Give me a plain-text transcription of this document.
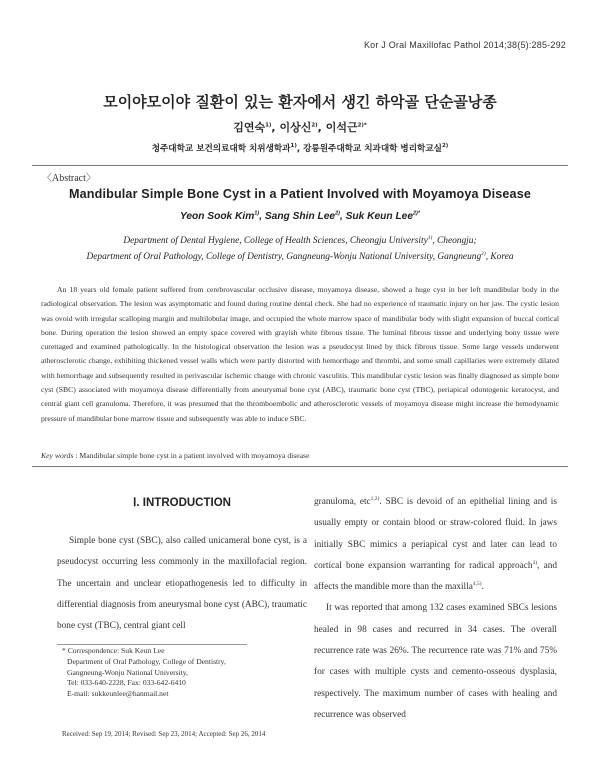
Kor J Oral Maxillofac Pathol 2014;38(5):285-292
모이야모이야 질환이 있는 환자에서 생긴 하악골 단순골낭종
김연숙$^{1)}$, 이상신$^{2)}$, 이석근$^{2)*}$
청주대학교 보건의료대학 치위생학과$^{1)}$, 강릉원주대학교 치과대학 병리학교실$^{2)}$
〈Abstract〉
Mandibular Simple Bone Cyst in a Patient Involved with Moyamoya Disease
Yeon Sook Kim$^{1)}$, Sang Shin Lee$^{2)}$, Suk Keun Lee$^{2)*}$
Department of Dental Hygiene, College of Health Sciences, Cheongju University$^{1)}$, Cheongju;
Department of Oral Pathology, College of Dentistry, Gangneung-Wonju National University, Gangneung$^{2)}$, Korea

An 18 years old female patient suffered from cerebrovascular occlusive disease, moyamoya disease, showed a huge cyst in her left mandibular body in the radiological observation. The lesion was asymptomatic and found during routine dental check. She had no experience of traumatic injury on her jaw. The cystic lesion was ovoid with irregular scalloping margin and multilobular image, and occupied the whole marrow space of mandibular body with slight expansion of buccal cortical bone. During operation the lesion showed an empty space covered with grayish white fibrous tissue. The luminal fibrous tissue and underlying bony tissue were curettaged and examined pathologically. In the histological observation the lesion was a pseudocyst lined by thick fibrous tissue. Some large vessels underwent atherosclerotic change, exhibiting thickened vessel walls which were partly distorted with hemorrhage and thrombi, and some small capillaries were extremely dilated with hemorrhage and subsequently resulted in perivascular ischemic change with chronic vasculitis. This mandibular cystic lesion was finally diagnosed as simple bone cyst (SBC) associated with moyamoya disease differentially from aneurysmal bone cyst (ABC), traumatic bone cyst (TBC), periapical odontogenic keratocyst, and central giant cell granuloma. Therefore, it was presumed that the thromboembolic and atherosclerotic vessels of moyamoya disease might increase the hemodynamic pressure of mandibular bone marrow tissue and subsequently was able to induce SBC.

Key words : Mandibular simple bone cyst in a patient involved with moyamoya disease
Ⅰ. INTRODUCTION

Simple bone cyst (SBC), also called unicameral bone cyst, is a pseudocyst occurring less commonly in the maxillofacial region. The uncertain and unclear etiopathogenesis led to difficulty in differential diagnosis from aneurysmal bone cyst (ABC), traumatic bone cyst (TBC), central giant cell

granuloma, etc$^{1,2)}$. SBC is devoid of an epithelial lining and is usually empty or contain blood or straw-colored fluid. In jaws initially SBC mimics a periapical cyst and later can lead to cortical bone expansion warranting for radical approach$^{3)}$, and affects the mandible more than the maxilla$^{4,5)}$.

It was reported that among 132 cases examined SBCs lesions healed in 98 cases and recurred in 34 cases. The overall recurrence rate was 26%. The recurrence rate was 71% and 75% for cases with multiple cysts and cemento-osseous dysplasia, respectively. The maximum number of cases with healing and recurrence was observed

* Correspondence: Suk Keun Lee
Department of Oral Pathology, College of Dentistry,
Gangneung-Wonju National University,
Tel: 033-640-2228, Fax: 033-642-6410
E-mail: sukkeunlee@hanmail.net
Received: Sep 19, 2014; Revised: Sep 23, 2014; Accepted: Sep 26, 2014
